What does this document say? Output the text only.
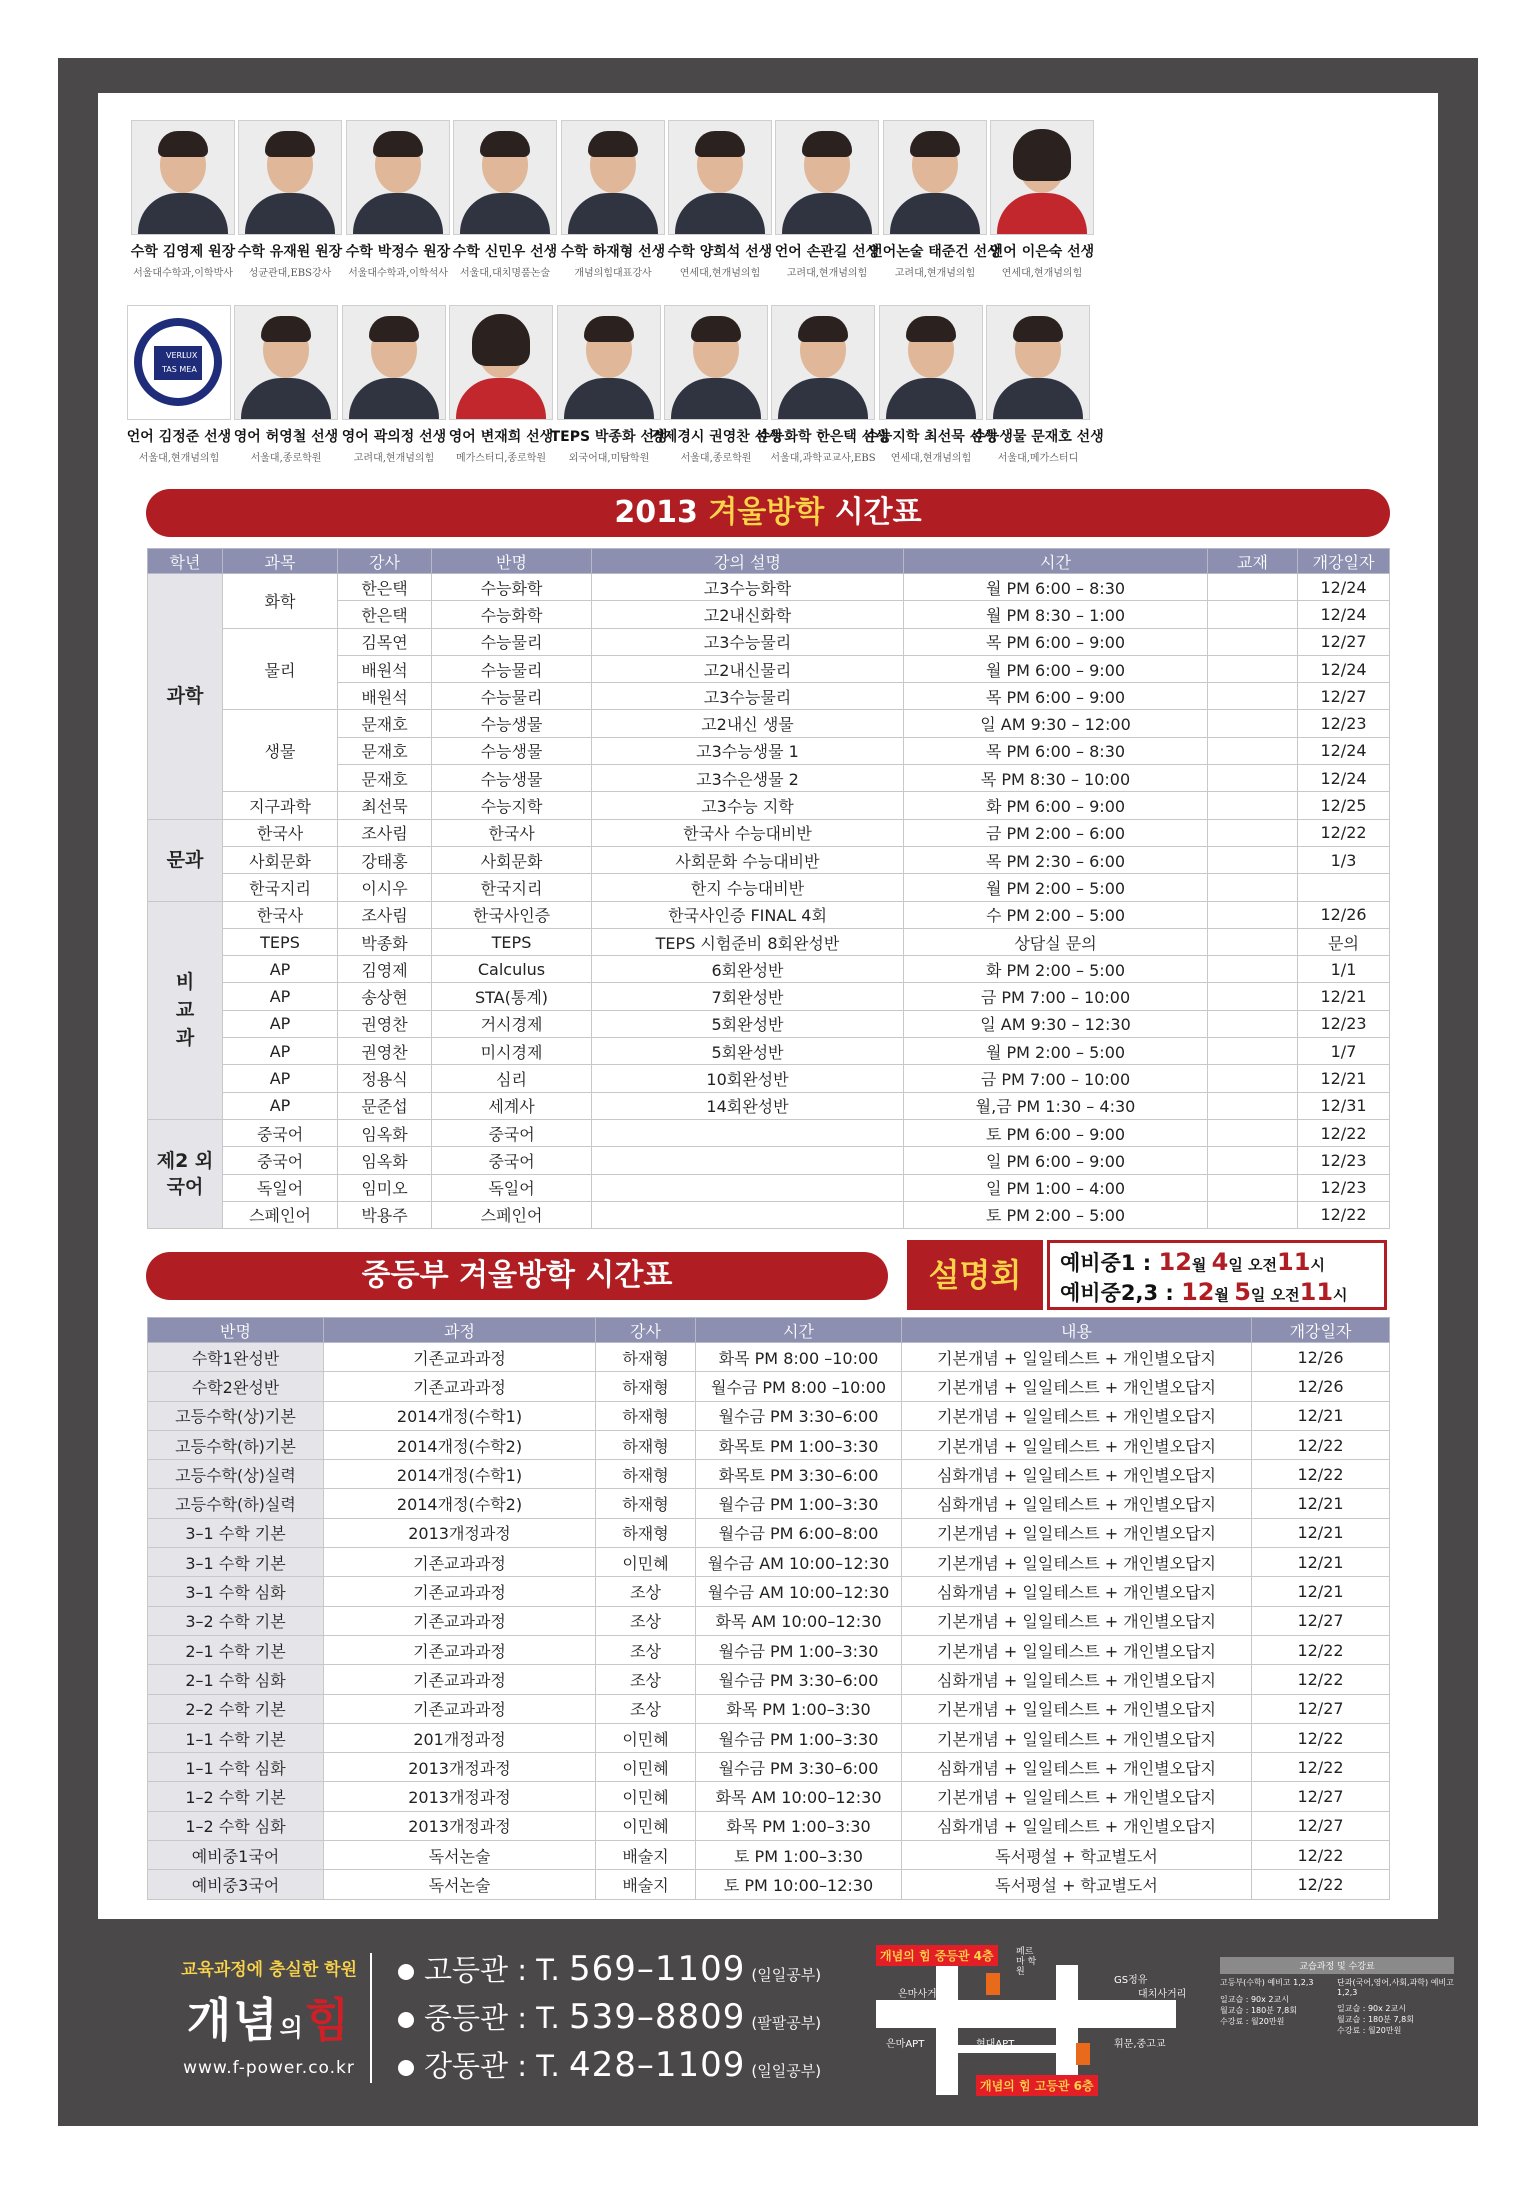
수학 김영제 원장
서울대수학과,이학박사
수학 유재원 원장
성균관대,EBS강사
수학 박정수 원장
서울대수학과,이학석사
수학 신민우 선생
서울대,대치명품논술
수학 하재형 선생
개념의힘대표강사
수학 양희석 선생
연세대,현개념의힘
언어 손관길 선생
고려대,현개념의힘
언어논술 태준건 선생
고려대,현개념의힘
언어 이은숙 선생
연세대,현개념의힘
VERI
LUX
TAS MEA
언어 김정준 선생
서울대,현개념의힘
영어 허영철 선생
서울대,종로학원
영어 곽의정 선생
고려대,현개념의힘
영어 변재희 선생
메가스터디,종로학원
TEPS 박종화 선생
외국어대,미탐학원
경제경시 권영찬 선생
서울대,종로학원
수능화학 한은택 선생
서울대,과학교교사,EBS
수능지학 최선묵 선생
연세대,현개념의힘
수능생물 문재호 선생
서울대,메가스터디
2013 겨울방학 시간표
학년	과목	강사	반명	강의 설명	시간	교재	개강일자
과학	화학	한은택	수능화학	고3수능화학	월 PM 6:00 – 8:30		12/24
		한은택	수능화학	고2내신화학	월 PM 8:30 – 1:00		12/24
	물리	김목연	수능물리	고3수능물리	목 PM 6:00 – 9:00		12/27
		배원석	수능물리	고2내신물리	월 PM 6:00 – 9:00		12/24
		배원석	수능물리	고3수능물리	목 PM 6:00 – 9:00		12/27
	생물	문재호	수능생물	고2내신 생물	일 AM 9:30 – 12:00		12/23
		문재호	수능생물	고3수능생물 1	목 PM 6:00 – 8:30		12/24
		문재호	수능생물	고3수은생물 2	목 PM 8:30 – 10:00		12/24
	지구과학	최선묵	수능지학	고3수능 지학	화 PM 6:00 – 9:00		12/25
문과	한국사	조사림	한국사	한국사 수능대비반	금 PM 2:00 – 6:00		12/22
	사회문화	강태홍	사회문화	사회문화 수능대비반	목 PM 2:30 – 6:00		1/3
	한국지리	이시우	한국지리	한지 수능대비반	월 PM 2:00 – 5:00		
비교과	한국사	조사림	한국사인증	한국사인증 FINAL 4회	수 PM 2:00 – 5:00		12/26
	TEPS	박종화	TEPS	TEPS 시험준비 8회완성반	상담실 문의		문의
	AP	김영제	Calculus	6회완성반	화 PM 2:00 – 5:00		1/1
	AP	송상현	STA(통계)	7회완성반	금 PM 7:00 – 10:00		12/21
	AP	권영찬	거시경제	5회완성반	일 AM 9:30 – 12:30		12/23
	AP	권영찬	미시경제	5회완성반	월 PM 2:00 – 5:00		1/7
	AP	정용식	심리	10회완성반	금 PM 7:00 – 10:00		12/21
	AP	문준섭	세계사	14회완성반	월,금 PM 1:30 – 4:30		12/31
제2 외국어	중국어	임옥화	중국어		토 PM 6:00 – 9:00		12/22
	중국어	임옥화	중국어		일 PM 6:00 – 9:00		12/23
	독일어	임미오	독일어		일 PM 1:00 – 4:00		12/23
	스페인어	박용주	스페인어		토 PM 2:00 – 5:00		12/22
중등부 겨울방학 시간표	설명회	예비중1 : 12월 4일 오전11시
예비중2,3 : 12월 5일 오전11시
반명	과정	강사	시간	내용	개강일자
수학1완성반	기존교과과정	하재형	화목 PM 8:00 –10:00	기본개념 + 일일테스트 + 개인별오답지	12/26
수학2완성반	기존교과과정	하재형	월수금 PM 8:00 –10:00	기본개념 + 일일테스트 + 개인별오답지	12/26
고등수학(상)기본	2014개정(수학1)	하재형	월수금 PM 3:30–6:00	기본개념 + 일일테스트 + 개인별오답지	12/21
고등수학(하)기본	2014개정(수학2)	하재형	화목토 PM 1:00–3:30	기본개념 + 일일테스트 + 개인별오답지	12/22
고등수학(상)실력	2014개정(수학1)	하재형	화목토 PM 3:30–6:00	심화개념 + 일일테스트 + 개인별오답지	12/22
고등수학(하)실력	2014개정(수학2)	하재형	월수금 PM 1:00–3:30	심화개념 + 일일테스트 + 개인별오답지	12/21
3–1 수학 기본	2013개정과정	하재형	월수금 PM 6:00–8:00	기본개념 + 일일테스트 + 개인별오답지	12/21
3–1 수학 기본	기존교과과정	이민혜	월수금 AM 10:00–12:30	기본개념 + 일일테스트 + 개인별오답지	12/21
3–1 수학 심화	기존교과과정	조상	월수금 AM 10:00–12:30	심화개념 + 일일테스트 + 개인별오답지	12/21
3–2 수학 기본	기존교과과정	조상	화목 AM 10:00–12:30	기본개념 + 일일테스트 + 개인별오답지	12/27
2–1 수학 기본	기존교과과정	조상	월수금 PM 1:00–3:30	기본개념 + 일일테스트 + 개인별오답지	12/22
2–1 수학 심화	기존교과과정	조상	월수금 PM 3:30–6:00	심화개념 + 일일테스트 + 개인별오답지	12/22
2–2 수학 기본	기존교과과정	조상	화목 PM 1:00–3:30	기본개념 + 일일테스트 + 개인별오답지	12/27
1–1 수학 기본	201개정과정	이민혜	월수금 PM 1:00–3:30	기본개념 + 일일테스트 + 개인별오답지	12/22
1–1 수학 심화	2013개정과정	이민혜	월수금 PM 3:30–6:00	심화개념 + 일일테스트 + 개인별오답지	12/22
1–2 수학 기본	2013개정과정	이민혜	화목 AM 10:00–12:30	기본개념 + 일일테스트 + 개인별오답지	12/27
1–2 수학 심화	2013개정과정	이민혜	화목 PM 1:00–3:30	심화개념 + 일일테스트 + 개인별오답지	12/27
예비중1국어	독서논술	배술지	토 PM 1:00–3:30	독서평설 + 학교별도서	12/22
예비중3국어	독서논술	배술지	토 PM 10:00–12:30	독서평설 + 학교별도서	12/22
교육과정에 충실한 학원
개념의힘
www.f-power.co.kr
고등관 : T. 569–1109 (일일공부)
중등관 : T. 539–8809 (팔팔공부)
강동관 : T. 428–1109 (일일공부)
개념의 힘 중등관 4층
개념의 힘 고등관 6층
페르마 학원
GS정유
은마사거리	대치사거리
은마APT	현대APT	휘문,중고교
교습과정 및 수강료
고등부(수학) 예비고 1,2,3
일교습 : 90x 2교시
월교습 : 180분 7,8회
수강료 : 월20만원
단과(국어,영어,사회,과학) 예비고 1,2,3
일교습 : 90x 2교시
월교습 : 180분 7,8회
수강료 : 월20만원
